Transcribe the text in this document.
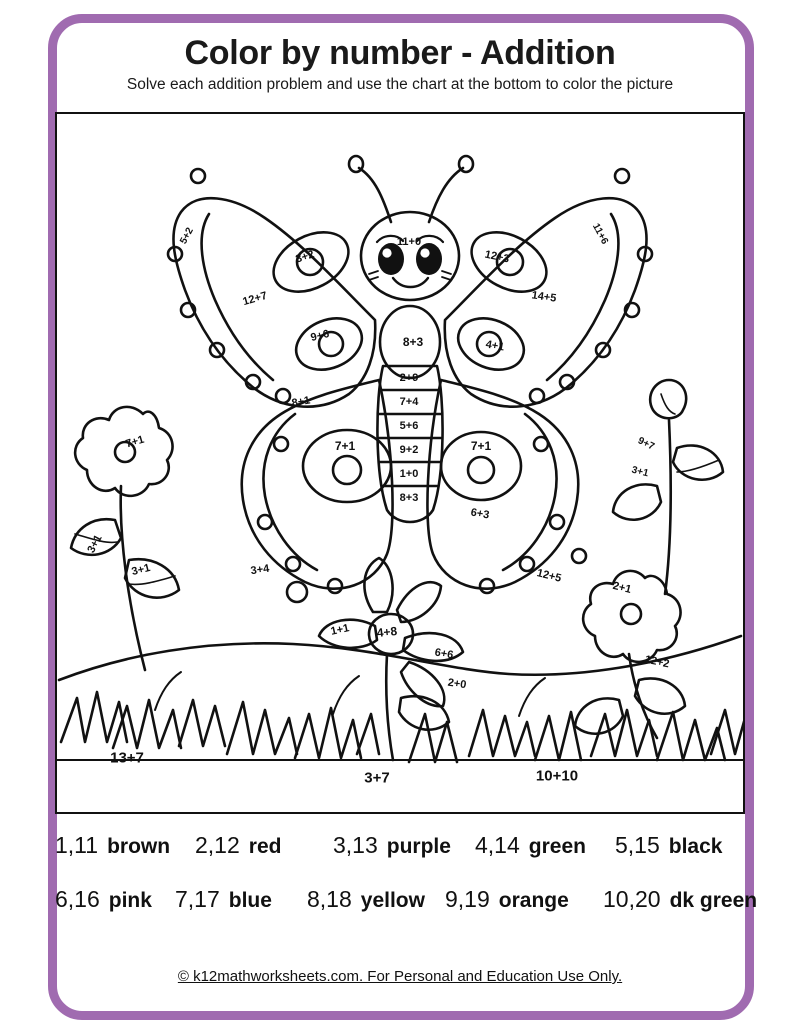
Color by number - Addition
Solve each addition problem and use the chart at the bottom to color the picture
5+2
3+2
12+7
9+6
11+0
8+3
12+3
14+5
11+6
4+1
2+9
7+4
5+6
9+2
1+0
8+3
8+1
7+1	7+1
6+3
3+4	12+5
7+1
3+1
3+1
9+7
3+1
2+1
12+2
1+1 4+8
6+6
2+0
13+7
3+7	10+10
1,11 brown 2,12 red 3,13 purple 4,14 green 5,15 black
6,16 pink 7,17 blue 8,18 yellow 9,19 orange 10,20 dk green
© k12mathworksheets.com. For Personal and Education Use Only.
